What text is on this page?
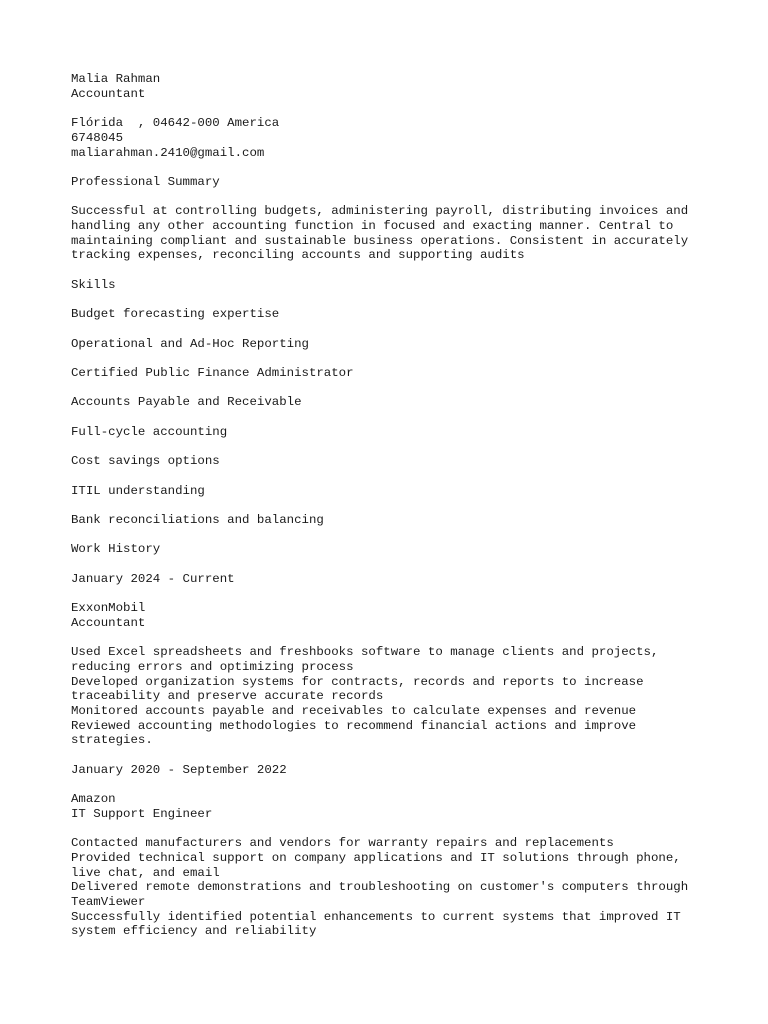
Malia Rahman
Accountant
Flórida  , 04642-000 America
6748045
maliarahman.2410@gmail.com
Professional Summary
Successful at controlling budgets, administering payroll, distributing invoices and
handling any other accounting function in focused and exacting manner. Central to
maintaining compliant and sustainable business operations. Consistent in accurately
tracking expenses, reconciling accounts and supporting audits
Skills
Budget forecasting expertise
Operational and Ad-Hoc Reporting
Certified Public Finance Administrator
Accounts Payable and Receivable
Full-cycle accounting
Cost savings options
ITIL understanding
Bank reconciliations and balancing
Work History
January 2024 - Current
ExxonMobil
Accountant
Used Excel spreadsheets and freshbooks software to manage clients and projects,
reducing errors and optimizing process
Developed organization systems for contracts, records and reports to increase
traceability and preserve accurate records
Monitored accounts payable and receivables to calculate expenses and revenue
Reviewed accounting methodologies to recommend financial actions and improve
strategies.
January 2020 - September 2022
Amazon
IT Support Engineer
Contacted manufacturers and vendors for warranty repairs and replacements
Provided technical support on company applications and IT solutions through phone,
live chat, and email
Delivered remote demonstrations and troubleshooting on customer's computers through
TeamViewer
Successfully identified potential enhancements to current systems that improved IT
system efficiency and reliability
